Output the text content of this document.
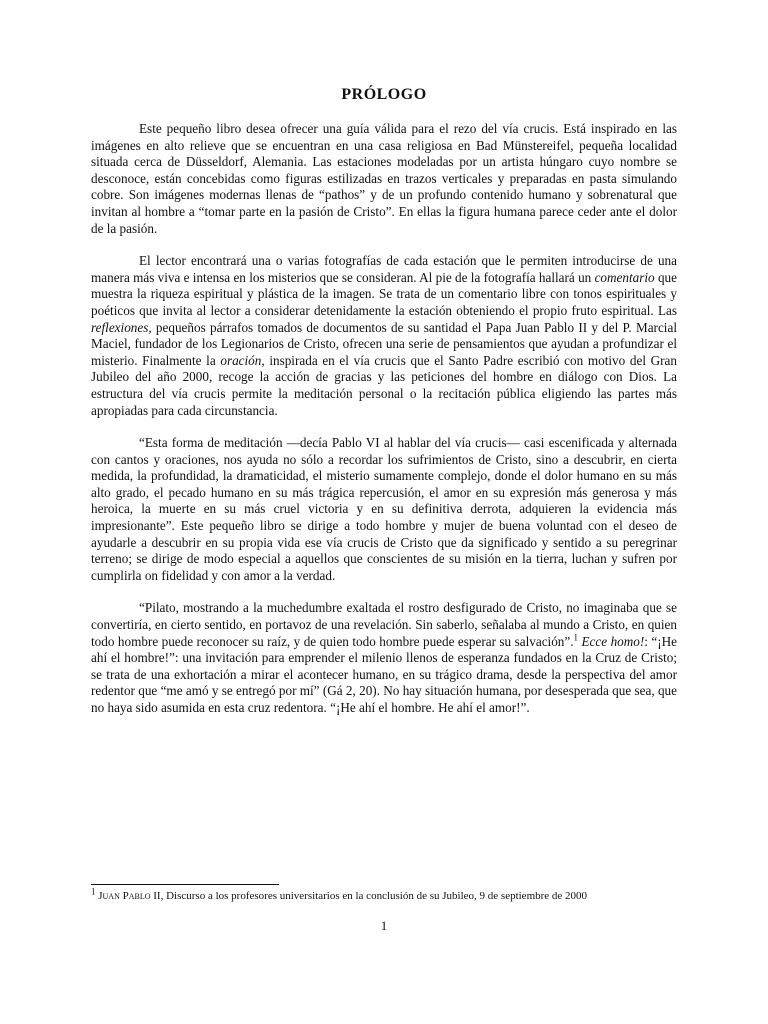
PRÓLOGO

Este pequeño libro desea ofrecer una guía válida para el rezo del vía crucis. Está inspirado en las imágenes en alto relieve que se encuentran en una casa religiosa en Bad Münstereifel, pequeña localidad situada cerca de Düsseldorf, Alemania. Las estaciones modeladas por un artista húngaro cuyo nombre se desconoce, están concebidas como figuras estilizadas en trazos verticales y preparadas en pasta simulando cobre. Son imágenes modernas llenas de “pathos” y de un profundo contenido humano y sobrenatural que invitan al hombre a “tomar parte en la pasión de Cristo”. En ellas la figura humana parece ceder ante el dolor de la pasión.

El lector encontrará una o varias fotografías de cada estación que le permiten introducirse de una manera más viva e intensa en los misterios que se consideran. Al pie de la fotografía hallará un comentario que muestra la riqueza espiritual y plástica de la imagen. Se trata de un comentario libre con tonos espirituales y poéticos que invita al lector a considerar detenidamente la estación obteniendo el propio fruto espiritual. Las reflexiones, pequeños párrafos tomados de documentos de su santidad el Papa Juan Pablo II y del P. Marcial Maciel, fundador de los Legionarios de Cristo, ofrecen una serie de pensamientos que ayudan a profundizar el misterio. Finalmente la oración, inspirada en el vía crucis que el Santo Padre escribió con motivo del Gran Jubileo del año 2000, recoge la acción de gracias y las peticiones del hombre en diálogo con Dios. La estructura del vía crucis permite la meditación personal o la recitación pública eligiendo las partes más apropiadas para cada circunstancia.

“Esta forma de meditación —decía Pablo VI al hablar del vía crucis— casi escenificada y alternada con cantos y oraciones, nos ayuda no sólo a recordar los sufrimientos de Cristo, sino a descubrir, en cierta medida, la profundidad, la dramaticidad, el misterio sumamente complejo, donde el dolor humano en su más alto grado, el pecado humano en su más trágica repercusión, el amor en su expresión más generosa y más heroica, la muerte en su más cruel victoria y en su definitiva derrota, adquieren la evidencia más impresionante”. Este pequeño libro se dirige a todo hombre y mujer de buena voluntad con el deseo de ayudarle a descubrir en su propia vida ese vía crucis de Cristo que da significado y sentido a su peregrinar terreno; se dirige de modo especial a aquellos que conscientes de su misión en la tierra, luchan y sufren por cumplirla on fidelidad y con amor a la verdad.

“Pilato, mostrando a la muchedumbre exaltada el rostro desfigurado de Cristo, no imaginaba que se convertiría, en cierto sentido, en portavoz de una revelación. Sin saberlo, señalaba al mundo a Cristo, en quien todo hombre puede reconocer su raíz, y de quien todo hombre puede esperar su salvación”.$^1$ Ecce homo!: “¡He ahí el hombre!”: una invitación para emprender el milenio llenos de esperanza fundados en la Cruz de Cristo; se trata de una exhortación a mirar el acontecer humano, en su trágico drama, desde la perspectiva del amor redentor que “me amó y se entregó por mí” (Gá 2, 20). No hay situación humana, por desesperada que sea, que no haya sido asumida en esta cruz redentora. “¡He ahí el hombre. He ahí el amor!”.

$^1$ Juan Pablo II, Discurso a los profesores universitarios en la conclusión de su Jubileo, 9 de septiembre de 2000
1
